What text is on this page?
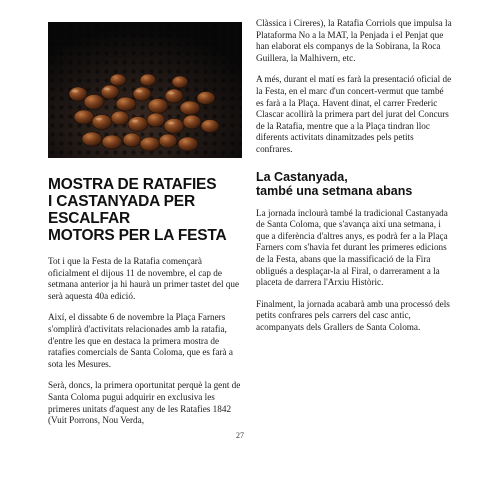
MOSTRA DE RATAFIES
I CASTANYADA PER ESCALFAR
MOTORS PER LA FESTA

Tot i que la Festa de la Ratafia començarà oficialment el dijous 11 de novembre, el cap de setmana anterior ja hi haurà un primer tastet del que serà aquesta 40a edició.

Així, el dissabte 6 de novembre la Plaça Farners s'omplirà d'activitats relacionades amb la ratafia, d'entre les que en destaca la primera mostra de ratafies comercials de Santa Coloma, que es farà a sota les Mesures.

Serà, doncs, la primera oportunitat perquè la gent de Santa Coloma pugui adquirir en exclusiva les primeres unitats d'aquest any de les Ratafies 1842 (Vuit Porrons, Nou Verda,

Clàssica i Cireres), la Ratafia Corriols que impulsa la Plataforma No a la MAT, la Penjada i el Penjat que han elaborat els companys de la Sobirana, la Roca Guillera, la Malhivern, etc.

A més, durant el matí es farà la presentació oficial de la Festa, en el marc d'un concert-vermut que també es farà a la Plaça. Havent dinat, el carrer Frederic Clascar acollirà la primera part del jurat del Concurs de la Ratafia, mentre que a la Plaça tindran lloc diferents activitats dinamitzades pels petits confrares.

La Castanyada,
també una setmana abans

La jornada inclourà també la tradicional Castanyada de Santa Coloma, que s'avança així una setmana, i que a diferència d'altres anys, es podrà fer a la Plaça Farners com s'havia fet durant les primeres edicions de la Festa, abans que la massificació de la Fira obligués a desplaçar-la al Firal, o darrerament a la placeta de darrera l'Arxiu Històric.

Finalment, la jornada acabarà amb una processó dels petits confrares pels carrers del casc antic, acompanyats dels Grallers de Santa Coloma.

27
